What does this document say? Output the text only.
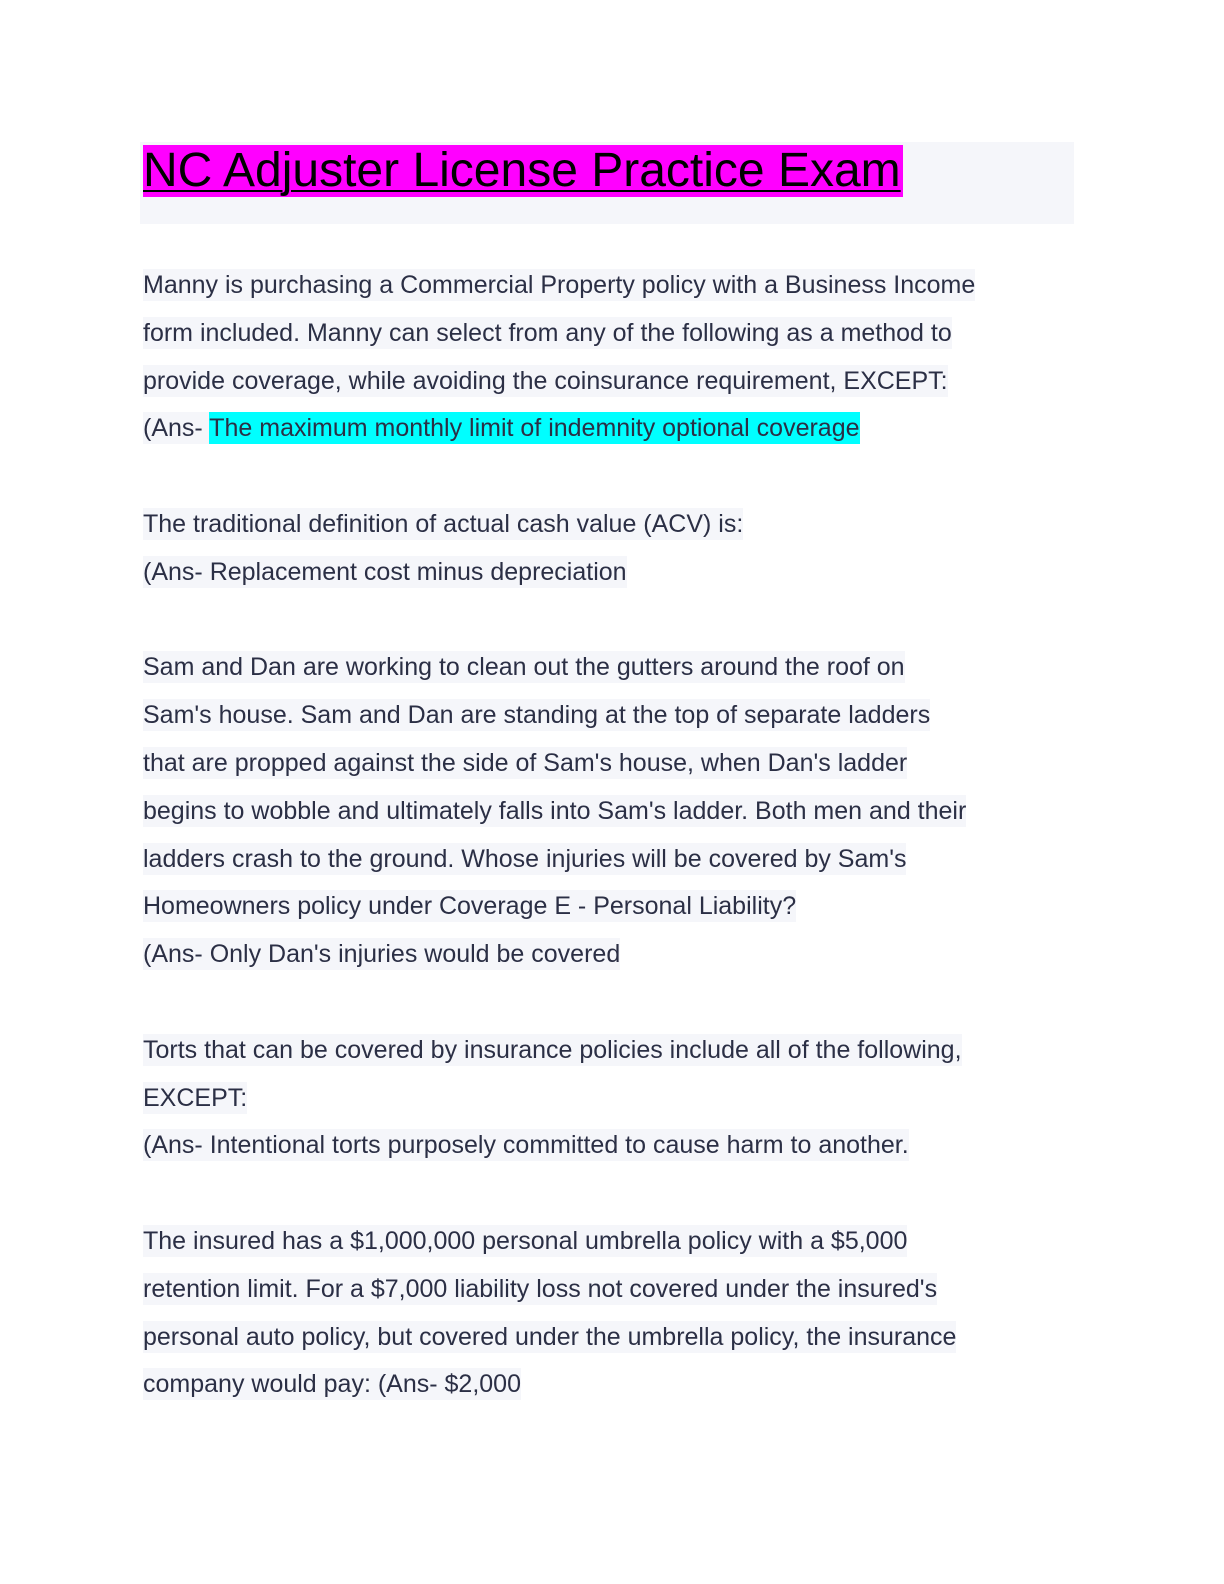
NC Adjuster License Practice Exam
Manny is purchasing a Commercial Property policy with a Business Income
form included. Manny can select from any of the following as a method to
provide coverage, while avoiding the coinsurance requirement, EXCEPT:
(Ans- The maximum monthly limit of indemnity optional coverage
The traditional definition of actual cash value (ACV) is:
(Ans- Replacement cost minus depreciation
Sam and Dan are working to clean out the gutters around the roof on
Sam's house. Sam and Dan are standing at the top of separate ladders
that are propped against the side of Sam's house, when Dan's ladder
begins to wobble and ultimately falls into Sam's ladder. Both men and their
ladders crash to the ground. Whose injuries will be covered by Sam's
Homeowners policy under Coverage E - Personal Liability?
(Ans- Only Dan's injuries would be covered
Torts that can be covered by insurance policies include all of the following,
EXCEPT:
(Ans- Intentional torts purposely committed to cause harm to another.
The insured has a $1,000,000 personal umbrella policy with a $5,000
retention limit. For a $7,000 liability loss not covered under the insured's
personal auto policy, but covered under the umbrella policy, the insurance
company would pay: (Ans- $2,000
